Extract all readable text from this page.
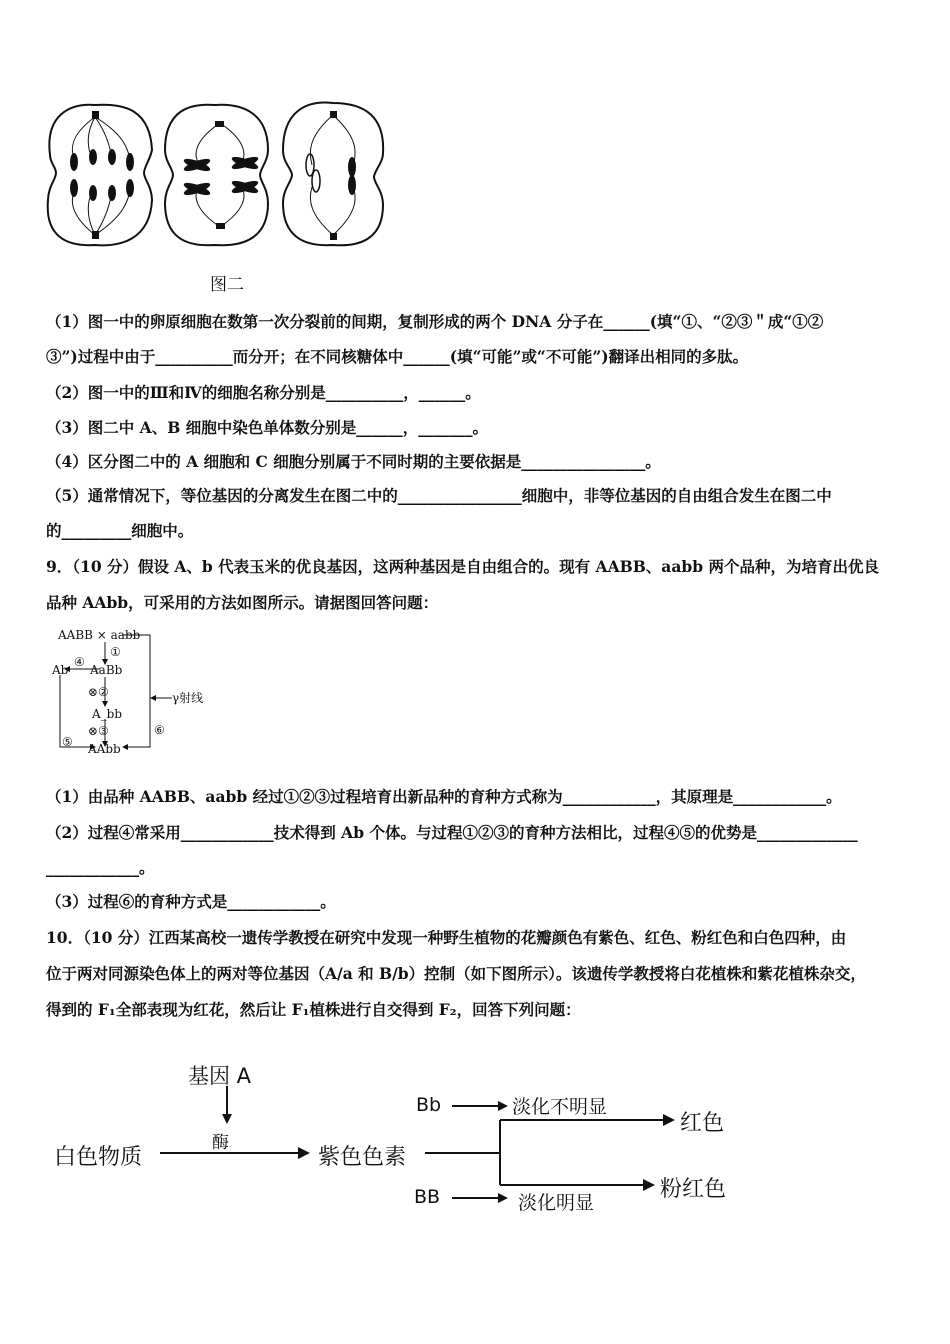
图二
（1）图一中的卵原细胞在数第一次分裂前的间期，复制形成的两个 DNA 分子在______(填“①、“②③＂成“①②
③”)过程中由于__________而分开；在不同核糖体中______(填“可能”或“不可能”)翻译出相同的多肽。
（2）图一中的Ⅲ和Ⅳ的细胞名称分别是__________，______。
（3）图二中 A、B 细胞中染色单体数分别是______，_______。
（4）区分图二中的 A 细胞和 C 细胞分别属于不同时期的主要依据是________________。
（5）通常情况下，等位基因的分离发生在图二中的________________细胞中，非等位基因的自由组合发生在图二中
的_________细胞中。
9．（10 分）假设 A、b 代表玉米的优良基因，这两种基因是自由组合的。现有 AABB、aabb 两个品种，为培育出优良
品种 AAbb，可采用的方法如图所示。请据图回答问题：
AABB × aabb
①
AaBb
Ab
④
⊗②
A_bb
⊗③
⑤ AAbb
⑥
γ射线
（1）由品种 AABB、aabb 经过①②③过程培育出新品种的育种方式称为____________，其原理是____________。
（2）过程④常采用____________技术得到 Ab 个体。与过程①②③的育种方法相比，过程④⑤的优势是_____________
____________。
（3）过程⑥的育种方式是____________。
10．（10 分）江西某高校一遗传学教授在研究中发现一种野生植物的花瓣颜色有紫色、红色、粉红色和白色四种，由
位于两对同源染色体上的两对等位基因（A/a 和 B/b）控制（如下图所示）。该遗传学教授将白花植株和紫花植株杂交，
得到的 F₁全部表现为红花，然后让 F₁植株进行自交得到 F₂，回答下列问题：
基因 A
酶
白色物质	紫色色素
Bb	淡化不明显
红色
BB	淡化明显
粉红色
